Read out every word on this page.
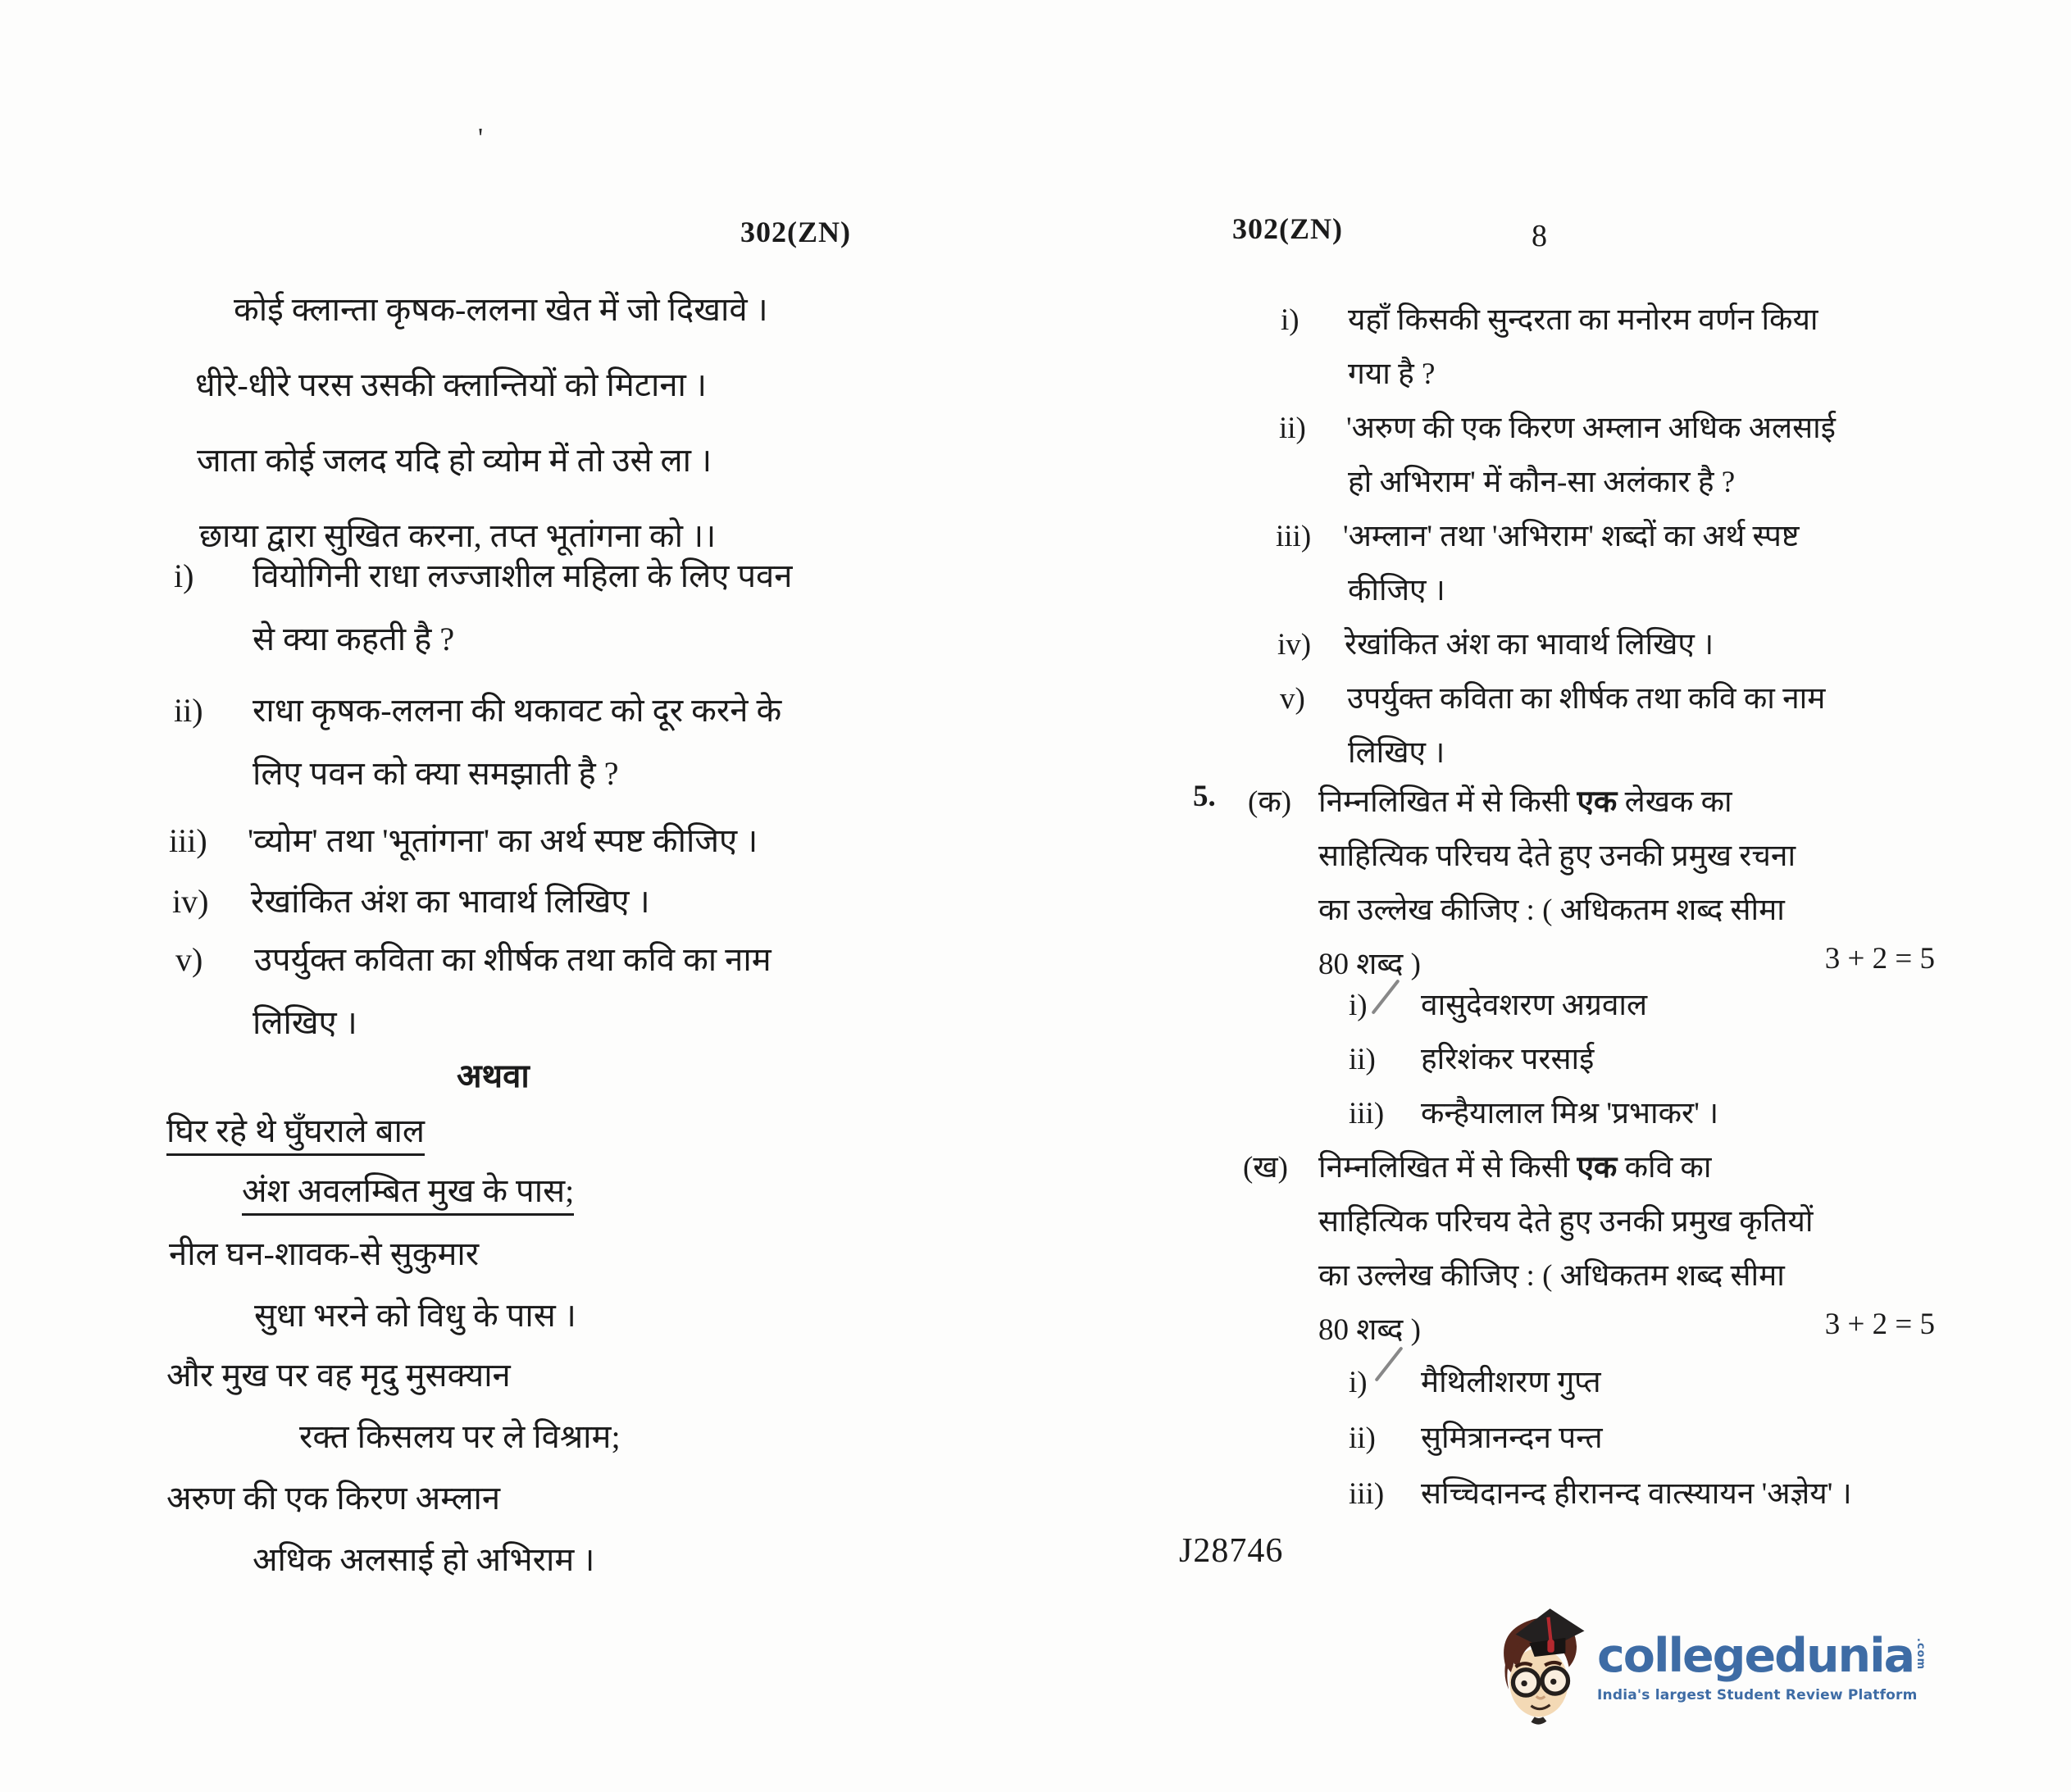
'
302(ZN)
कोई क्लान्ता कृषक-ललना खेत में जो दिखावे ।
धीरे-धीरे परस उसकी क्लान्तियों को मिटाना ।
जाता कोई जलद यदि हो व्योम में तो उसे ला ।
छाया द्वारा सुखित करना, तप्त भूतांगना को ।।
i) वियोगिनी राधा लज्जाशील महिला के लिए पवन
से क्या कहती है ?
ii) राधा कृषक-ललना की थकावट को दूर करने के
लिए पवन को क्या समझाती है ?
iii) 'व्योम' तथा 'भूतांगना' का अर्थ स्पष्ट कीजिए ।
iv) रेखांकित अंश का भावार्थ लिखिए ।
v) उपर्युक्त कविता का शीर्षक तथा कवि का नाम
लिखिए ।
अथवा
घिर रहे थे घुँघराले बाल
अंश अवलम्बित मुख के पास;
नील घन-शावक-से सुकुमार
सुधा भरने को विधु के पास ।
और मुख पर वह मृदु मुसक्यान
रक्त किसलय पर ले विश्राम;
अरुण की एक किरण अम्लान
अधिक अलसाई हो अभिराम ।
302(ZN)	8
i) यहाँ किसकी सुन्दरता का मनोरम वर्णन किया
गया है ?
ii) 'अरुण की एक किरण अम्लान अधिक अलसाई
हो अभिराम' में कौन-सा अलंकार है ?
iii) 'अम्लान' तथा 'अभिराम' शब्दों का अर्थ स्पष्ट
कीजिए ।
iv) रेखांकित अंश का भावार्थ लिखिए ।
v) उपर्युक्त कविता का शीर्षक तथा कवि का नाम
लिखिए ।
5. (क) निम्नलिखित में से किसी एक लेखक का
साहित्यिक परिचय देते हुए उनकी प्रमुख रचना
का उल्लेख कीजिए : ( अधिकतम शब्द सीमा
80 शब्द )	3 + 2 = 5
i) वासुदेवशरण अग्रवाल
ii) हरिशंकर परसाई
iii) कन्हैयालाल मिश्र 'प्रभाकर' ।
(ख) निम्नलिखित में से किसी एक कवि का
साहित्यिक परिचय देते हुए उनकी प्रमुख कृतियों
का उल्लेख कीजिए : ( अधिकतम शब्द सीमा
80 शब्द )	3 + 2 = 5
i) मैथिलीशरण गुप्त
ii) सुमित्रानन्दन पन्त
iii) सच्चिदानन्द हीरानन्द वात्स्यायन 'अज्ञेय' ।
J28746
collegedunia .com
India's largest Student Review Platform
